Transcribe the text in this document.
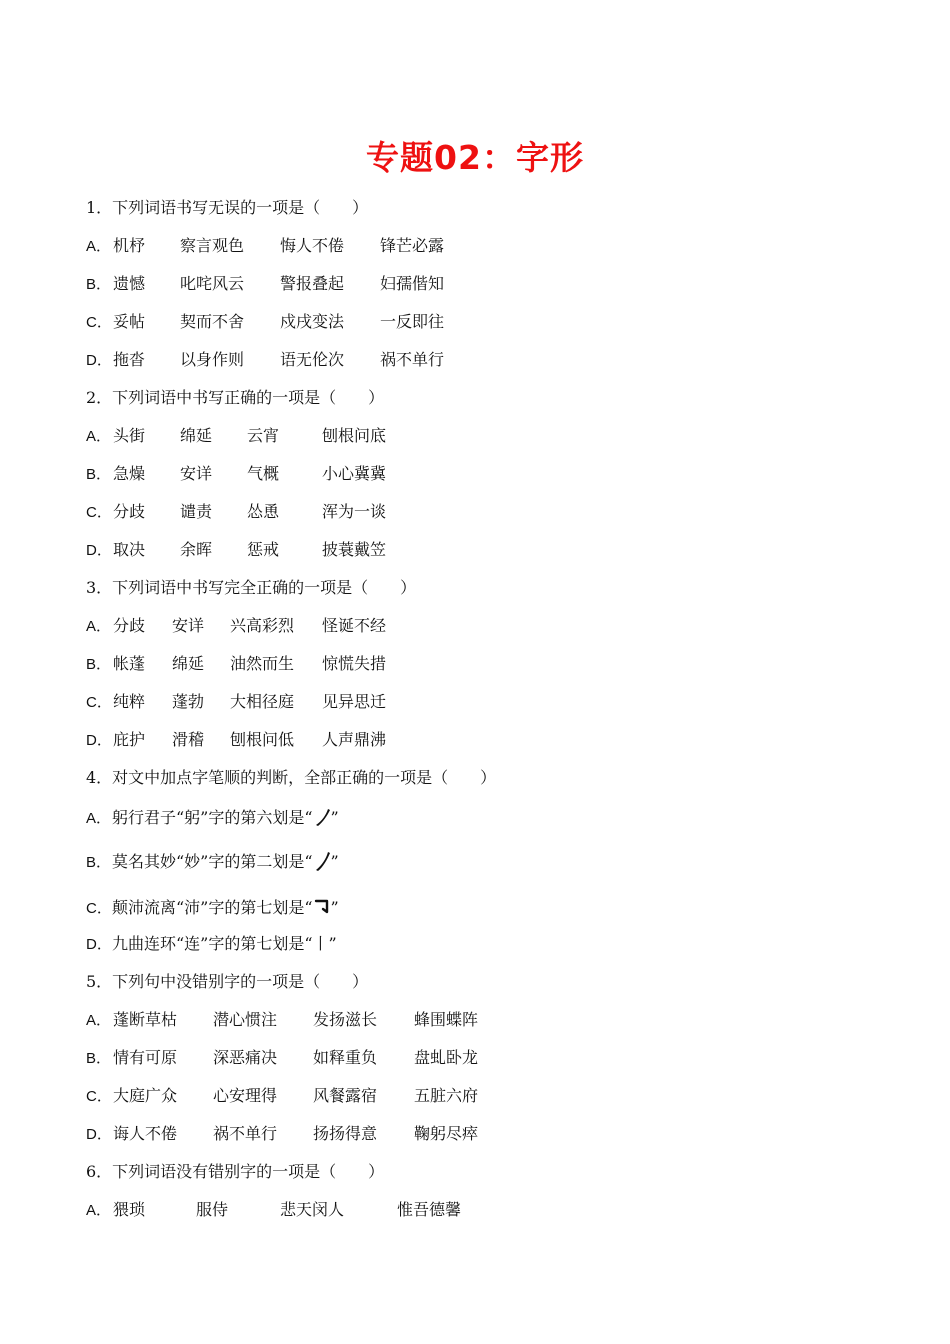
专题02：字形
1．下列词语书写无误的一项是（　　）
A． 机杼 察言观色 悔人不倦 锋芒必露
B． 遗憾 叱咤风云 警报叠起 妇孺偕知
C． 妥帖 契而不舍 戍戌变法 一反即往
D． 拖沓 以身作则 语无伦次 祸不单行
2．下列词语中书写正确的一项是（　　）
A． 头街 绵延 云宵	刨根问底
B． 急燥 安详 气概	小心冀冀
C． 分歧 谴责 怂恿	浑为一谈
D． 取决 余晖 惩戒	披蓑戴笠
3．下列词语中书写完全正确的一项是（　　）
A． 分歧 安详 兴高彩烈 怪诞不经
B． 帐蓬 绵延 油然而生 惊慌失措
C． 纯粹 蓬勃 大相径庭 见异思迁
D． 庇护 滑稽 刨根问低 人声鼎沸
4．对文中加点字笔顺的判断，全部正确的一项是（　　）
A．躬行君子“躬”字的第六划是“ ”
B．莫名其妙“妙”字的第二划是“ ”
C．颠沛流离“沛”字的第七划是“ ”
D．九曲连环“连”字的第七划是“丨”
5．下列句中没错别字的一项是（　　）
A． 蓬断草枯 潜心惯注 发扬滋长 蜂围蝶阵
B． 情有可原 深恶痛决 如释重负 盘虬卧龙
C． 大庭广众 心安理得 风餐露宿 五脏六府
D． 诲人不倦 祸不单行 扬扬得意 鞠躬尽瘁
6．下列词语没有错别字的一项是（　　）
A． 猥琐	服侍	悲天闵人	惟吾德馨
